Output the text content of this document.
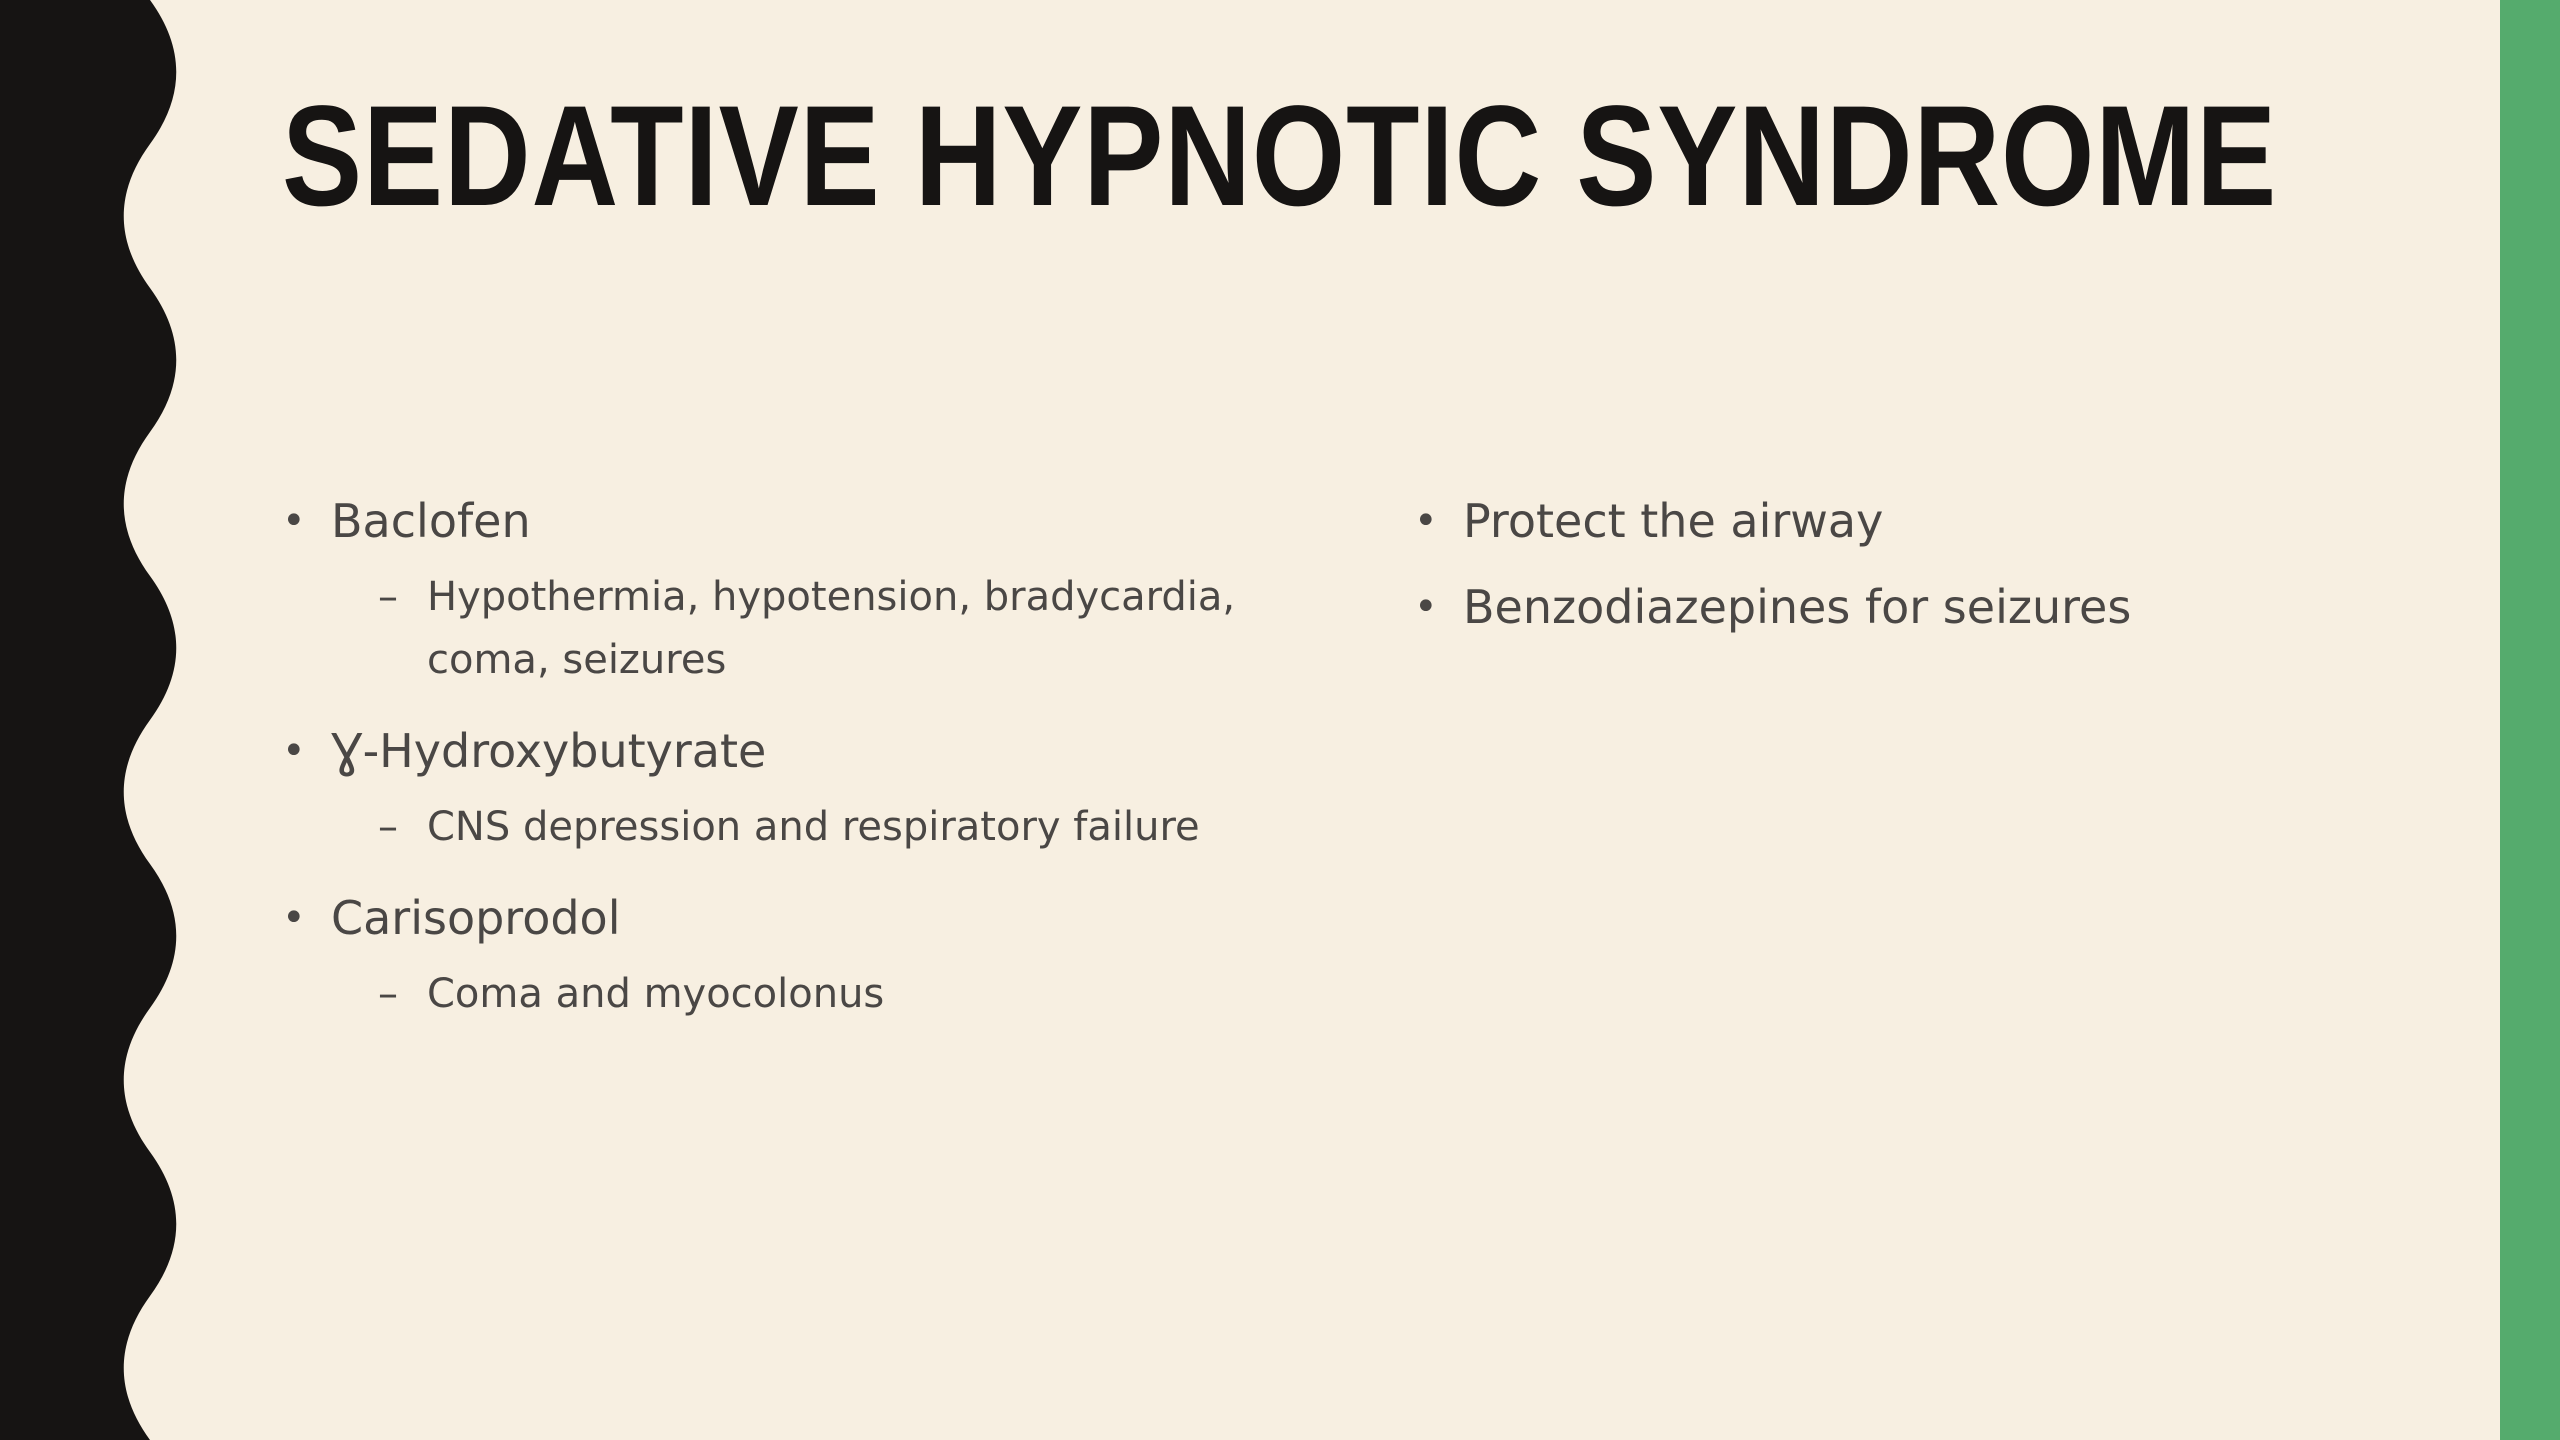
SEDATIVE HYPNOTIC SYNDROME
• Baclofen
– Hypothermia, hypotension, bradycardia, coma, seizures
• Ɣ-Hydroxybutyrate
– CNS depression and respiratory failure
• Carisoprodol
– Coma and myocolonus
• Protect the airway
• Benzodiazepines for seizures
